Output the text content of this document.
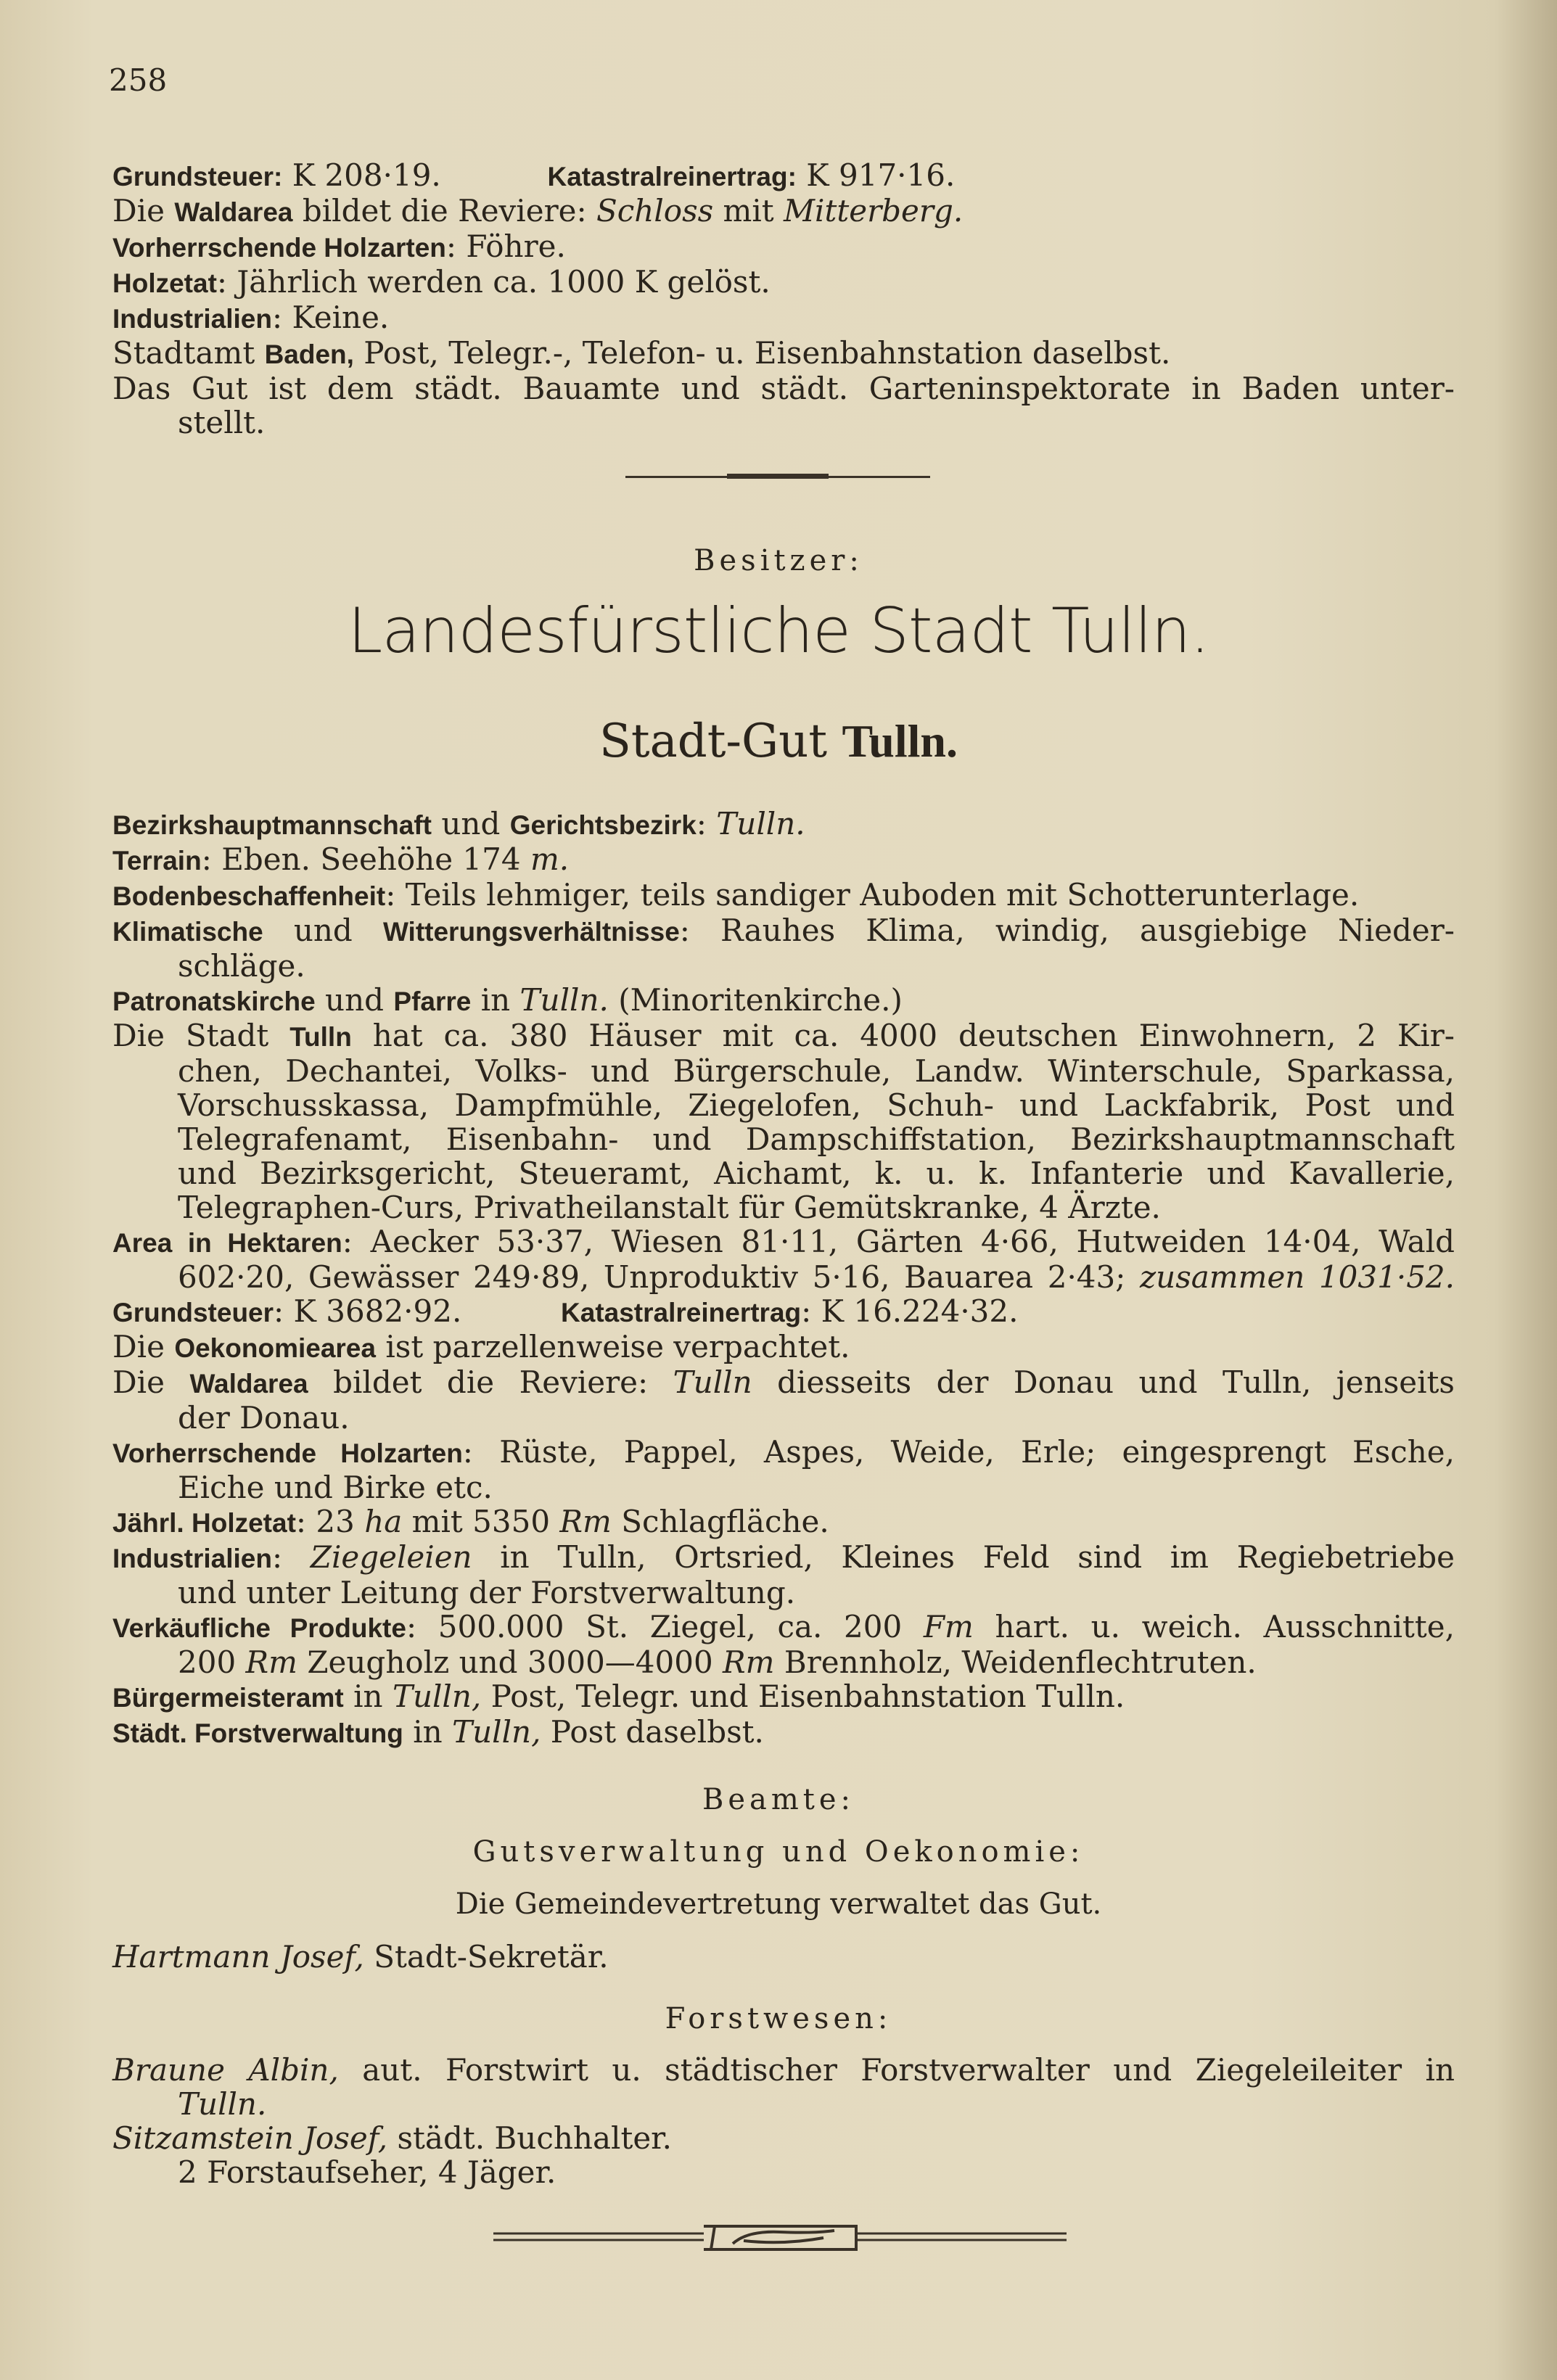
258
Grundsteuer: K 208·19.	Katastralreinertrag: K 917·16.
Die Waldarea bildet die Reviere: Schloss mit Mitterberg.
Vorherrschende Holzarten: Föhre.
Holzetat: Jährlich werden ca. 1000 K gelöst.
Industrialien: Keine.
Stadtamt Baden, Post, Telegr.-, Telefon- u. Eisenbahnstation daselbst.
Das Gut ist dem städt. Bauamte und städt. Garteninspektorate in Baden unter-
stellt.
Besitzer:
Landesfürstliche Stadt Tulln.
Stadt-Gut Tulln.
Bezirkshauptmannschaft und Gerichtsbezirk: Tulln.
Terrain: Eben. Seehöhe 174 m.
Bodenbeschaffenheit: Teils lehmiger, teils sandiger Auboden mit Schotterunterlage.
Klimatische und Witterungsverhältnisse: Rauhes Klima, windig, ausgiebige Nieder-
schläge.
Patronatskirche und Pfarre in Tulln. (Minoritenkirche.)
Die Stadt Tulln hat ca. 380 Häuser mit ca. 4000 deutschen Einwohnern, 2 Kir-
chen, Dechantei, Volks- und Bürgerschule, Landw. Winterschule, Sparkassa,
Vorschusskassa, Dampfmühle, Ziegelofen, Schuh- und Lackfabrik, Post und
Telegrafenamt, Eisenbahn- und Dampschiffstation, Bezirkshauptmannschaft
und Bezirksgericht, Steueramt, Aichamt, k. u. k. Infanterie und Kavallerie,
Telegraphen-Curs, Privatheilanstalt für Gemütskranke, 4 Ärzte.
Area in Hektaren: Aecker 53·37, Wiesen 81·11, Gärten 4·66, Hutweiden 14·04, Wald
602·20, Gewässer 249·89, Unproduktiv 5·16, Bauarea 2·43; zusammen 1031·52.
Grundsteuer: K 3682·92.	Katastralreinertrag: K 16.224·32.
Die Oekonomiearea ist parzellenweise verpachtet.
Die Waldarea bildet die Reviere: Tulln diesseits der Donau und Tulln, jenseits
der Donau.
Vorherrschende Holzarten: Rüste, Pappel, Aspes, Weide, Erle; eingesprengt Esche,
Eiche und Birke etc.
Jährl. Holzetat: 23 ha mit 5350 Rm Schlagfläche.
Industrialien: Ziegeleien in Tulln, Ortsried, Kleines Feld sind im Regiebetriebe
und unter Leitung der Forstverwaltung.
Verkäufliche Produkte: 500.000 St. Ziegel, ca. 200 Fm hart. u. weich. Ausschnitte,
200 Rm Zeugholz und 3000—4000 Rm Brennholz, Weidenflechtruten.
Bürgermeisteramt in Tulln, Post, Telegr. und Eisenbahnstation Tulln.
Städt. Forstverwaltung in Tulln, Post daselbst.
Beamte:
Gutsverwaltung und Oekonomie:
Die Gemeindevertretung verwaltet das Gut.
Hartmann Josef, Stadt-Sekretär.
Forstwesen:
Braune Albin, aut. Forstwirt u. städtischer Forstverwalter und Ziegeleileiter in
Tulln.
Sitzamstein Josef, städt. Buchhalter.
2 Forstaufseher, 4 Jäger.
